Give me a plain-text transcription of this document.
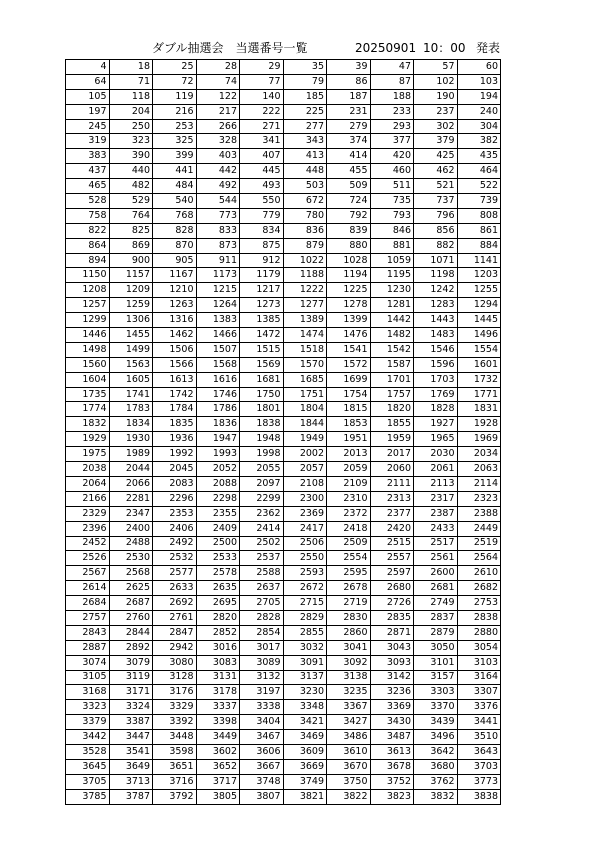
ダブル抽選会　当選番号一覧	20250901 10：00 発表
4	18	25	28	29	35	39	47	57	60
64	71	72	74	77	79	86	87	102	103
105	118	119	122	140	185	187	188	190	194
197	204	216	217	222	225	231	233	237	240
245	250	253	266	271	277	279	293	302	304
319	323	325	328	341	343	374	377	379	382
383	390	399	403	407	413	414	420	425	435
437	440	441	442	445	448	455	460	462	464
465	482	484	492	493	503	509	511	521	522
528	529	540	544	550	672	724	735	737	739
758	764	768	773	779	780	792	793	796	808
822	825	828	833	834	836	839	846	856	861
864	869	870	873	875	879	880	881	882	884
894	900	905	911	912	1022	1028	1059	1071	1141
1150	1157	1167	1173	1179	1188	1194	1195	1198	1203
1208	1209	1210	1215	1217	1222	1225	1230	1242	1255
1257	1259	1263	1264	1273	1277	1278	1281	1283	1294
1299	1306	1316	1383	1385	1389	1399	1442	1443	1445
1446	1455	1462	1466	1472	1474	1476	1482	1483	1496
1498	1499	1506	1507	1515	1518	1541	1542	1546	1554
1560	1563	1566	1568	1569	1570	1572	1587	1596	1601
1604	1605	1613	1616	1681	1685	1699	1701	1703	1732
1735	1741	1742	1746	1750	1751	1754	1757	1769	1771
1774	1783	1784	1786	1801	1804	1815	1820	1828	1831
1832	1834	1835	1836	1838	1844	1853	1855	1927	1928
1929	1930	1936	1947	1948	1949	1951	1959	1965	1969
1975	1989	1992	1993	1998	2002	2013	2017	2030	2034
2038	2044	2045	2052	2055	2057	2059	2060	2061	2063
2064	2066	2083	2088	2097	2108	2109	2111	2113	2114
2166	2281	2296	2298	2299	2300	2310	2313	2317	2323
2329	2347	2353	2355	2362	2369	2372	2377	2387	2388
2396	2400	2406	2409	2414	2417	2418	2420	2433	2449
2452	2488	2492	2500	2502	2506	2509	2515	2517	2519
2526	2530	2532	2533	2537	2550	2554	2557	2561	2564
2567	2568	2577	2578	2588	2593	2595	2597	2600	2610
2614	2625	2633	2635	2637	2672	2678	2680	2681	2682
2684	2687	2692	2695	2705	2715	2719	2726	2749	2753
2757	2760	2761	2820	2828	2829	2830	2835	2837	2838
2843	2844	2847	2852	2854	2855	2860	2871	2879	2880
2887	2892	2942	3016	3017	3032	3041	3043	3050	3054
3074	3079	3080	3083	3089	3091	3092	3093	3101	3103
3105	3119	3128	3131	3132	3137	3138	3142	3157	3164
3168	3171	3176	3178	3197	3230	3235	3236	3303	3307
3323	3324	3329	3337	3338	3348	3367	3369	3370	3376
3379	3387	3392	3398	3404	3421	3427	3430	3439	3441
3442	3447	3448	3449	3467	3469	3486	3487	3496	3510
3528	3541	3598	3602	3606	3609	3610	3613	3642	3643
3645	3649	3651	3652	3667	3669	3670	3678	3680	3703
3705	3713	3716	3717	3748	3749	3750	3752	3762	3773
3785	3787	3792	3805	3807	3821	3822	3823	3832	3838
